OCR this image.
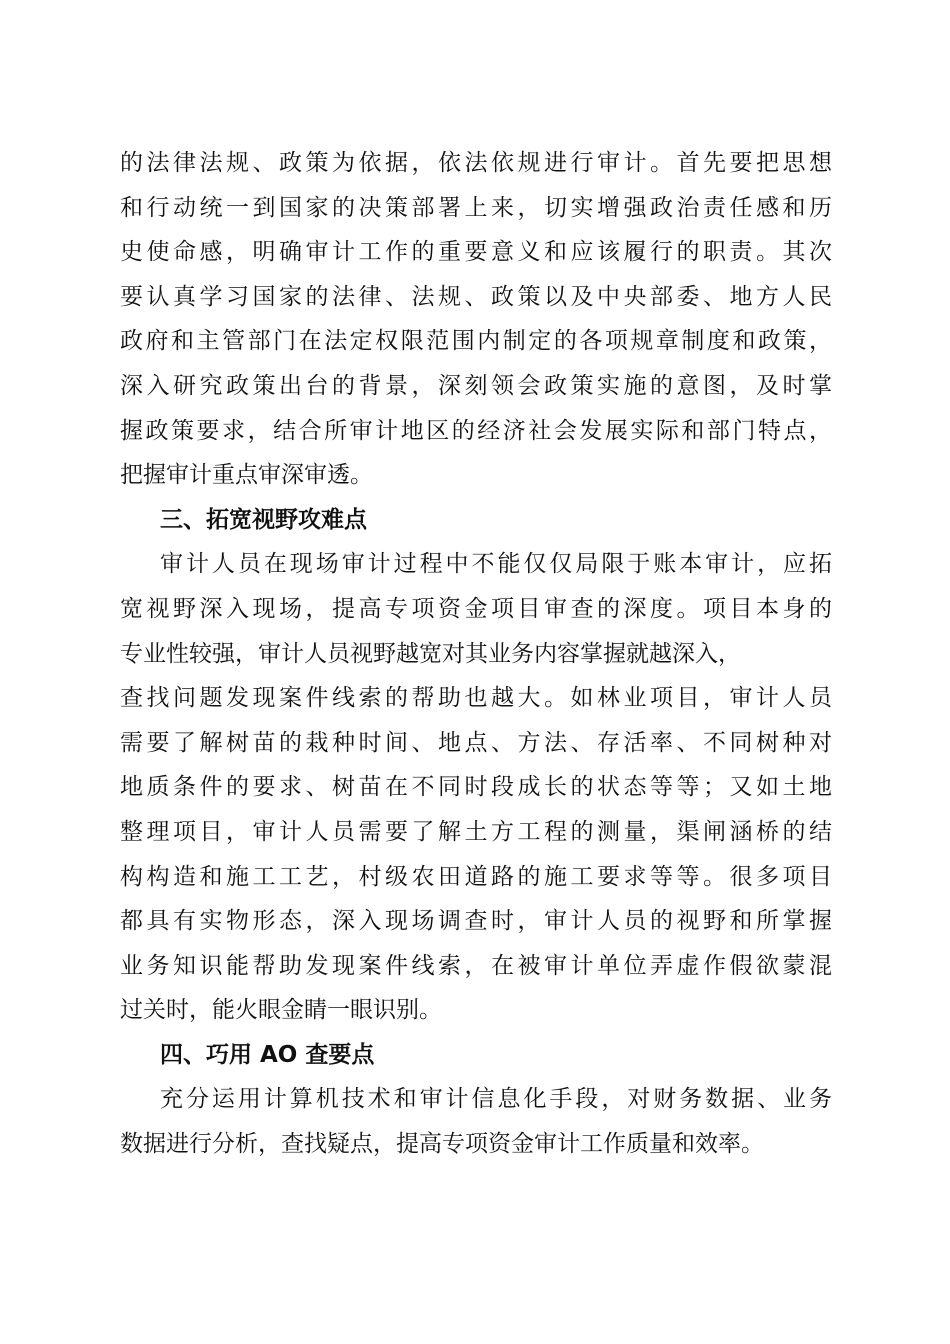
的法律法规、政策为依据，依法依规进行审计。首先要把思想
和行动统一到国家的决策部署上来，切实增强政治责任感和历
史使命感，明确审计工作的重要意义和应该履行的职责。其次
要认真学习国家的法律、法规、政策以及中央部委、地方人民
政府和主管部门在法定权限范围内制定的各项规章制度和政策，
深入研究政策出台的背景，深刻领会政策实施的意图，及时掌
握政策要求，结合所审计地区的经济社会发展实际和部门特点，
把握审计重点审深审透。
三、拓宽视野攻难点
审计人员在现场审计过程中不能仅仅局限于账本审计，应拓
宽视野深入现场，提高专项资金项目审查的深度。项目本身的
专业性较强，审计人员视野越宽对其业务内容掌握就越深入，
查找问题发现案件线索的帮助也越大。如林业项目，审计人员
需要了解树苗的栽种时间、地点、方法、存活率、不同树种对
地质条件的要求、树苗在不同时段成长的状态等等；又如土地
整理项目，审计人员需要了解土方工程的测量，渠闸涵桥的结
构构造和施工工艺，村级农田道路的施工要求等等。很多项目
都具有实物形态，深入现场调查时，审计人员的视野和所掌握
业务知识能帮助发现案件线索，在被审计单位弄虚作假欲蒙混
过关时，能火眼金睛一眼识别。
四、巧用 AO 查要点
充分运用计算机技术和审计信息化手段，对财务数据、业务
数据进行分析，查找疑点，提高专项资金审计工作质量和效率。
